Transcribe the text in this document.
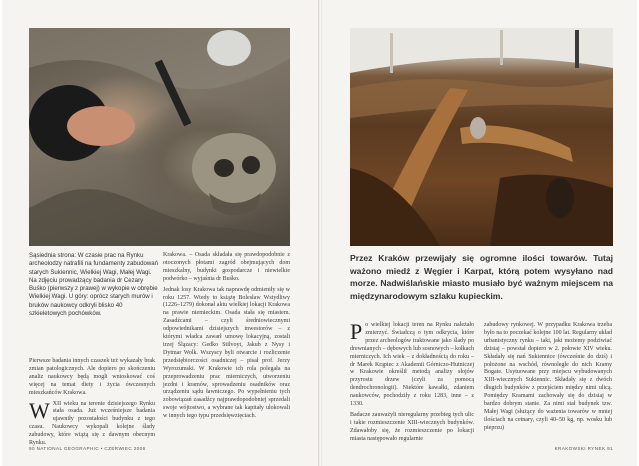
Sąsiednia strona: W czasie prac na Rynku archeolodzy natrafili na fundamenty zabudowań starych Sukiennic, Wielkiej Wagi, Małej Wagi. Na zdjęciu prowadzący badania dr Cezary Buśko (pierwszy z prawej) w wykopie w obrębie Wielkiej Wagi. U góry: oprócz starych murów i bruków naukowcy odkryli blisko 40 szkieletowych pochówków.

Pierwsze badania innych czaszek też wykazały brak zmian patologicznych. Ale dopiero po skończeniu analiz naukowcy będą mogli wnioskować coś więcej na temat diety i życia ówczesnych mieszkańców Krakowa.

WXII wieku na terenie dzisiejszego Rynku stała osada. Już wcześniejsze badania ujawniły pozostałości budynku z tego czasu. Naukowcy wykopali kolejne ślady zabudowy, które wiążą się z dawnym obecnym Rynku.

Krakowa. – Osada składała się prawdopodobnie z otoczonych płotami zagród obejmujących dom mieszkalny, budynki gospodarcze i niewielkie podwórko – wyjaśnia dr Buśko.

Jednak losy Krakowa tak naprawdę odmieniły się w roku 1257. Wtedy to książę Bolesław Wstydliwy (1226–1279) dokonał aktu wielkiej lokacji Krakowa na prawie niemieckim. Osada stała się miastem. Zasadźcami – czyli średniowiecznymi odpowiednikami dzisiejszych inwestorów – z którymi władca zawarł umowę lokacyjną, zostali trzej Ślązacy: Gedko Stilvoyt, Jakub z Nysy i Dytmar Wolk. Wszyscy byli otwarcie i rozliczenie przedsiębiorczości osadniczej – pisał prof. Jerzy Wyrozumski. W Krakowie ich rola polegała na przeprowadzeniu prac mierniczych, utworzeniu jezdni i kramów, sprowadzeniu osadników oraz urządzeniu sądu ławniczego. Po wypełnieniu tych zobowiązań zasadźcy najprawdopodobniej sprzedali swoje wójtostwo, a wybrane tak kapitały ulokowali w innych tego typu przedsięwzięciach.

90 NATIONAL GEOGRAPHIC • CZERWIEC 2006
Przez Kraków przewijały się ogromne ilości towarów. Tutaj ważono miedź z Węgier i Karpat, którą potem wysyłano nad morze. Nadwiślańskie miasto musiało być ważnym miejscem na międzynarodowym szlaku kupieckim.

Po wielkiej lokacji teren na Rynku należało zmierzyć. Świadczą o tym odkrycia, które przez archeologów traktowane jako ślady po drewnianych – dębowych lub sosnowych – kołkach mierniczych. Ich wiek – z dokładnością do roku – dr Marek Krąpiec z Akademii Górniczo-Hutniczej w Krakowie określił metodą analizy słojów przyrostu drzew (czyli za pomocą dendrochronologii). Niektóre kawałki, zdaniem naukowców, pochodziły z roku 1283, inne – z 1330.

Badacze zauważyli nieregularny przebieg tych ulic i takie rozmieszczenie XIII-wiecznych budynków. Zdawałoby się, że rozmieszczenie po lokacji miasta następowało regularnie

zabudowy rynkowej. W przypadku Krakowa trzeba było na to poczekać kolejne 100 lat. Regularny układ urbanistyczny rynku – taki, jaki możemy podziwiać dzisiaj – powstał dopiero w 2. połowie XIV wieku. Składały się nań Sukiennice (ówcześnie do dziś) i położone na wschód, równoległe do nich Kramy Bogate. Usytuowane przy miejscu wybudowanych XIII-wiecznych Sukiennic. Składały się z dwóch długich budynków z przejściem między nimi ulicą. Pomiędzy Kramami zachowały się do dzisiaj w bardzo dobrym stanie. Za nimi stał budynek tzw. Małej Wagi (służący do ważenia towarów w mniej ilościach na cetnary, czyli 40–50 kg, np. wosku lub pieprzu)

KRAKOWSKI RYNEK 91
